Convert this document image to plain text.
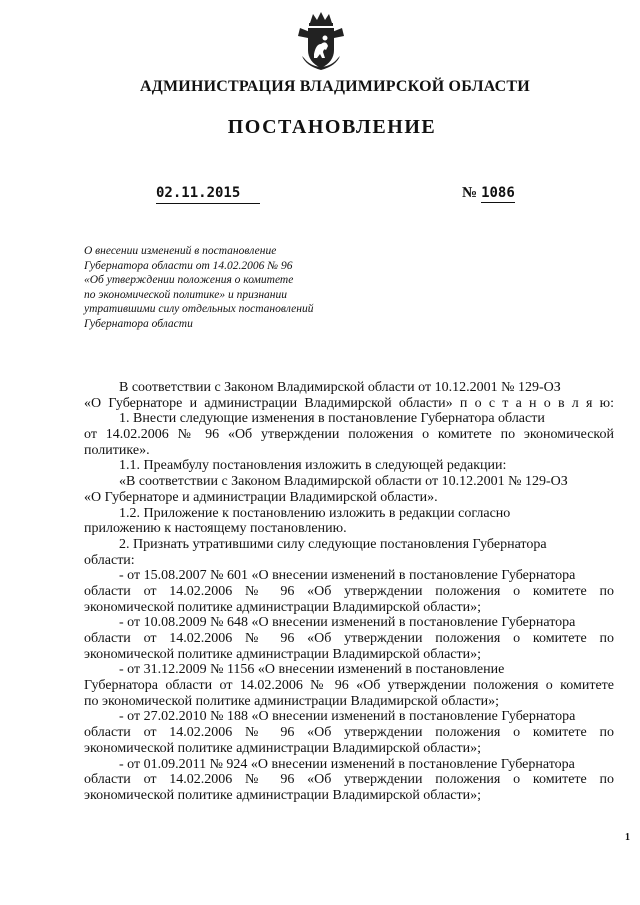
АДМИНИСТРАЦИЯ ВЛАДИМИРСКОЙ ОБЛАСТИ
ПОСТАНОВЛЕНИЕ
02.11.2015	№ 1086
О внесении изменений в постановление
Губернатора области от 14.02.2006 № 96
«Об утверждении положения о комитете
по экономической политике» и признании
утратившими силу отдельных постановлений
Губернатора области
В соответствии с Законом Владимирской области от 10.12.2001 № 129-ОЗ
«О Губернаторе и администрации Владимирской области» п о с т а н о в л я ю:
1. Внести следующие изменения в постановление Губернатора области
от 14.02.2006 № 96 «Об утверждении положения о комитете по экономической
политике».
1.1. Преамбулу постановления изложить в следующей редакции:
«В соответствии с Законом Владимирской области от 10.12.2001 № 129-ОЗ
«О Губернаторе и администрации Владимирской области».
1.2. Приложение к постановлению изложить в редакции согласно
приложению к настоящему постановлению.
2. Признать утратившими силу следующие постановления Губернатора
области:
- от 15.08.2007 № 601 «О внесении изменений в постановление Губернатора
области от 14.02.2006 № 96 «Об утверждении положения о комитете по
экономической политике администрации Владимирской области»;
- от 10.08.2009 № 648 «О внесении изменений в постановление Губернатора
области от 14.02.2006 № 96 «Об утверждении положения о комитете по
экономической политике администрации Владимирской области»;
- от 31.12.2009 № 1156 «О внесении изменений в постановление
Губернатора области от 14.02.2006 № 96 «Об утверждении положения о комитете
по экономической политике администрации Владимирской области»;
- от 27.02.2010 № 188 «О внесении изменений в постановление Губернатора
области от 14.02.2006 № 96 «Об утверждении положения о комитете по
экономической политике администрации Владимирской области»;
- от 01.09.2011 № 924 «О внесении изменений в постановление Губернатора
области от 14.02.2006 № 96 «Об утверждении положения о комитете по
экономической политике администрации Владимирской области»;
1
